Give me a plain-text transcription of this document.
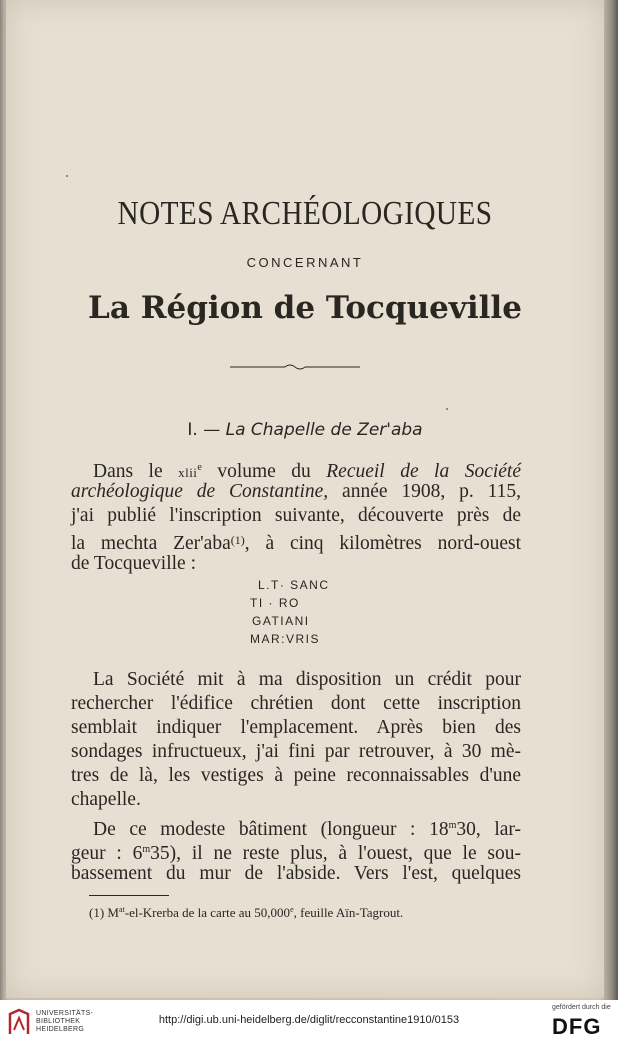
NOTES ARCHÉOLOGIQUES
CONCERNANT
La Région de Tocqueville
I. — La Chapelle de Zer'aba
Dans le xlii$^e$ volume du Recueil de la Société
archéologique de Constantine, année 1908, p. 115,
j'ai publié l'inscription suivante, découverte près de
la mechta Zer'aba$^{(1)}$, à cinq kilomètres nord-ouest
de Tocqueville :
L.T· SANC
TI · RO
GATIANI
MAR:VRIS
La Société mit à ma disposition un crédit pour
rechercher l'édifice chrétien dont cette inscription
semblait indiquer l'emplacement. Après bien des
sondages infructueux, j'ai fini par retrouver, à 30 mè-
tres de là, les vestiges à peine reconnaissables d'une
chapelle.
De ce modeste bâtiment (longueur : 18$^m$30, lar-
geur : 6$^m$35), il ne reste plus, à l'ouest, que le sou-
bassement du mur de l'abside. Vers l'est, quelques
(1) $M^{at}-el$-Krerba de la carte au 50,000e, feuille Aïn-Tagrout.
UNIVERSITÄTS-
BIBLIOTHEK
HEIDELBERG
http://digi.ub.uni-heidelberg.de/diglit/recconstantine1910/0153
gefördert durch die
DFG
